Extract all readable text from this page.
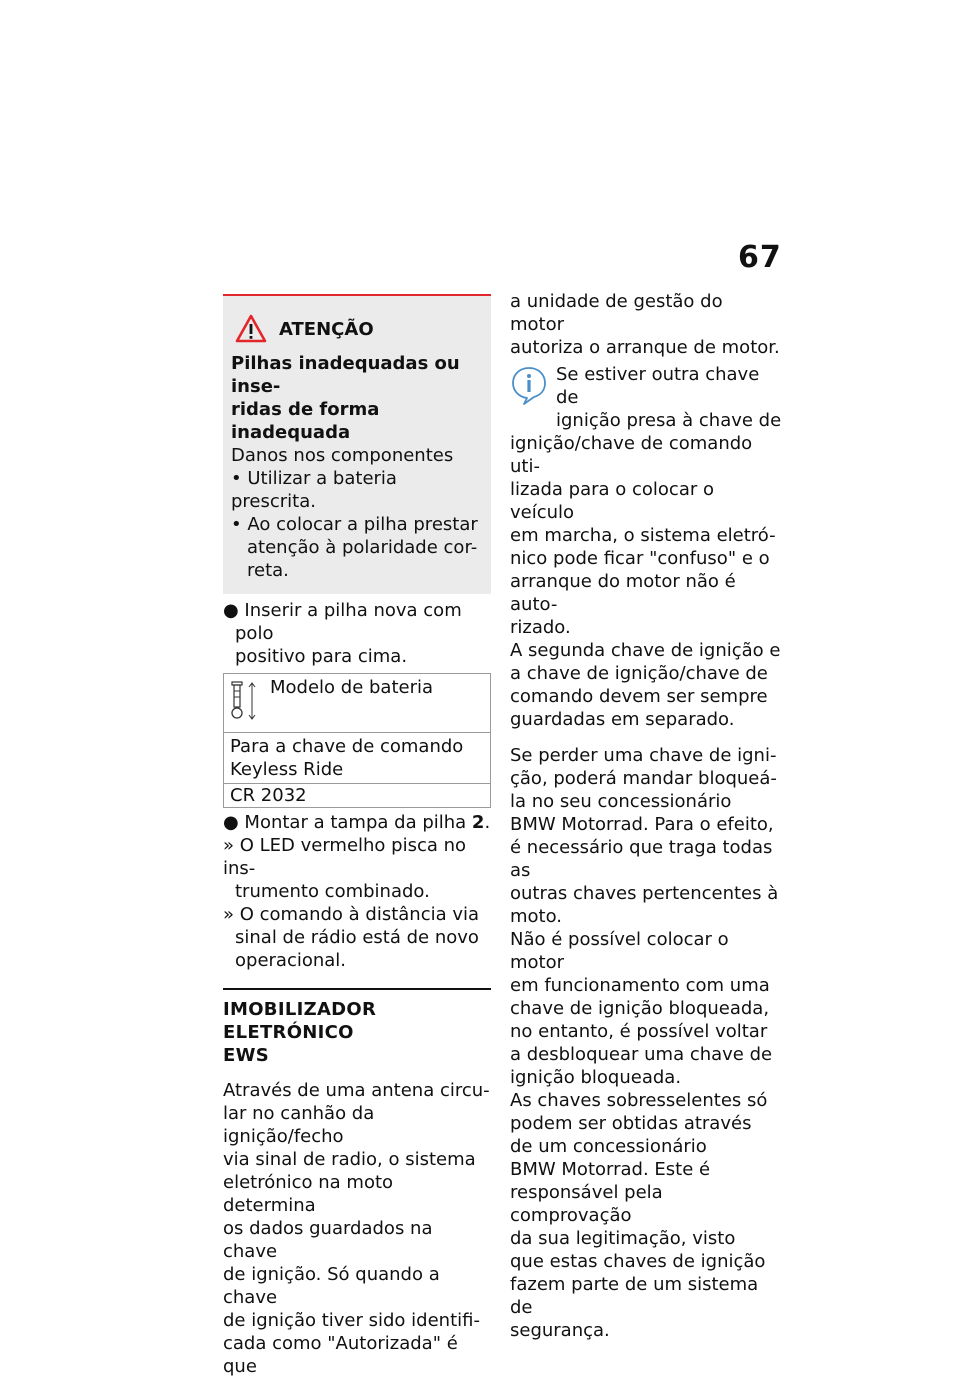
67
ATENÇÃO
Pilhas inadequadas ou inse-
ridas de forma inadequada
Danos nos componentes
• Utilizar a bateria prescrita.
• Ao colocar a pilha prestar
atenção à polaridade cor-
reta.
● Inserir a pilha nova com polo
positivo para cima.
Modelo de bateria
Para a chave de comando
Keyless Ride
CR 2032
● Montar a tampa da pilha 2.
» O LED vermelho pisca no ins-
trumento combinado.
» O comando à distância via
sinal de rádio está de novo
operacional.
IMOBILIZADOR ELETRÓNICO
EWS
Através de uma antena circu-
lar no canhão da ignição/fecho
via sinal de radio, o sistema
eletrónico na moto determina
os dados guardados na chave
de ignição. Só quando a chave
de ignição tiver sido identifi-
cada como "Autorizada" é que
a unidade de gestão do motor
autoriza o arranque de motor.
Se estiver outra chave de
ignição presa à chave de
ignição/chave de comando uti-
lizada para o colocar o veículo
em marcha, o sistema eletró-
nico pode ficar "confuso" e o
arranque do motor não é auto-
rizado.
A segunda chave de ignição e
a chave de ignição/chave de
comando devem ser sempre
guardadas em separado.
Se perder uma chave de igni-
ção, poderá mandar bloqueá-
la no seu concessionário
BMW Motorrad. Para o efeito,
é necessário que traga todas as
outras chaves pertencentes à
moto.
Não é possível colocar o motor
em funcionamento com uma
chave de ignição bloqueada,
no entanto, é possível voltar
a desbloquear uma chave de
ignição bloqueada.
As chaves sobresselentes só
podem ser obtidas através
de um concessionário
BMW Motorrad. Este é
responsável pela comprovação
da sua legitimação, visto
que estas chaves de ignição
fazem parte de um sistema de
segurança.
